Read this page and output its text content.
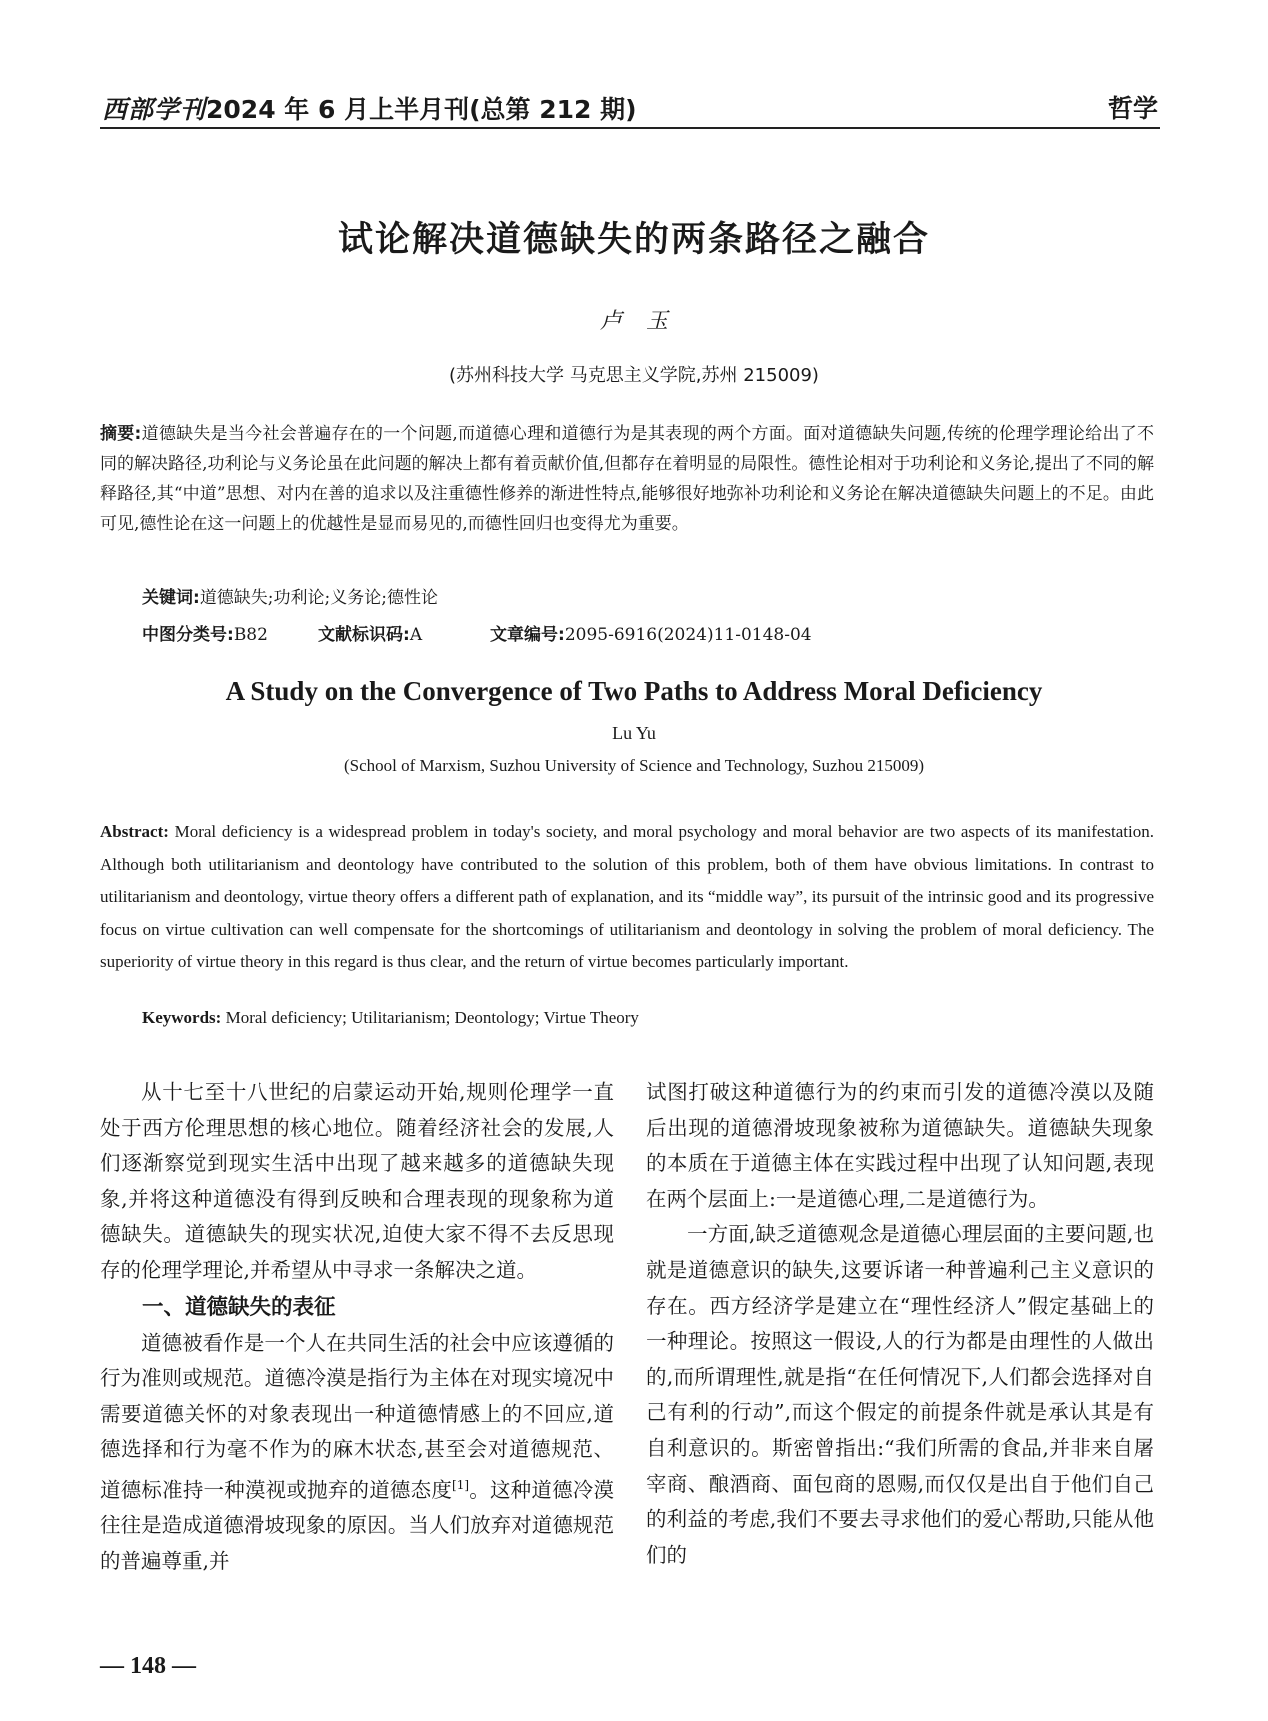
西部学刊2024 年 6 月上半月刊(总第 212 期)	哲学
试论解决道德缺失的两条路径之融合
卢玉
(苏州科技大学 马克思主义学院,苏州 215009)
摘要:道德缺失是当今社会普遍存在的一个问题,而道德心理和道德行为是其表现的两个方面。面对道德缺失问题,传统的伦理学理论给出了不同的解决路径,功利论与义务论虽在此问题的解决上都有着贡献价值,但都存在着明显的局限性。德性论相对于功利论和义务论,提出了不同的解释路径,其“中道”思想、对内在善的追求以及注重德性修养的渐进性特点,能够很好地弥补功利论和义务论在解决道德缺失问题上的不足。由此可见,德性论在这一问题上的优越性是显而易见的,而德性回归也变得尤为重要。
关键词:道德缺失;功利论;义务论;德性论
中图分类号:B82	文献标识码:A	文章编号:2095-6916(2024)11-0148-04
A Study on the Convergence of Two Paths to Address Moral Deficiency
Lu Yu
(School of Marxism, Suzhou University of Science and Technology, Suzhou 215009)
Abstract: Moral deficiency is a widespread problem in today's society, and moral psychology and moral behavior are two aspects of its manifestation. Although both utilitarianism and deontology have contributed to the solution of this problem, both of them have obvious limitations. In contrast to utilitarianism and deontology, virtue theory offers a different path of explanation, and its “middle way”, its pursuit of the intrinsic good and its progressive focus on virtue cultivation can well compensate for the shortcomings of utilitarianism and deontology in solving the problem of moral deficiency. The superiority of virtue theory in this regard is thus clear, and the return of virtue becomes particularly important.
Keywords: Moral deficiency; Utilitarianism; Deontology; Virtue Theory

从十七至十八世纪的启蒙运动开始,规则伦理学一直处于西方伦理思想的核心地位。随着经济社会的发展,人们逐渐察觉到现实生活中出现了越来越多的道德缺失现象,并将这种道德没有得到反映和合理表现的现象称为道德缺失。道德缺失的现实状况,迫使大家不得不去反思现存的伦理学理论,并希望从中寻求一条解决之道。

一、道德缺失的表征

道德被看作是一个人在共同生活的社会中应该遵循的行为准则或规范。道德冷漠是指行为主体在对现实境况中需要道德关怀的对象表现出一种道德情感上的不回应,道德选择和行为毫不作为的麻木状态,甚至会对道德规范、道德标准持一种漠视或抛弃的道德态度[1]。这种道德冷漠往往是造成道德滑坡现象的原因。当人们放弃对道德规范的普遍尊重,并

试图打破这种道德行为的约束而引发的道德冷漠以及随后出现的道德滑坡现象被称为道德缺失。道德缺失现象的本质在于道德主体在实践过程中出现了认知问题,表现在两个层面上:一是道德心理,二是道德行为。

一方面,缺乏道德观念是道德心理层面的主要问题,也就是道德意识的缺失,这要诉诸一种普遍利己主义意识的存在。西方经济学是建立在“理性经济人”假定基础上的一种理论。按照这一假设,人的行为都是由理性的人做出的,而所谓理性,就是指“在任何情况下,人们都会选择对自己有利的行动”,而这个假定的前提条件就是承认其是有自利意识的。斯密曾指出:“我们所需的食品,并非来自屠宰商、酿酒商、面包商的恩赐,而仅仅是出自于他们自己的利益的考虑,我们不要去寻求他们的爱心帮助,只能从他们的

— 148 —
